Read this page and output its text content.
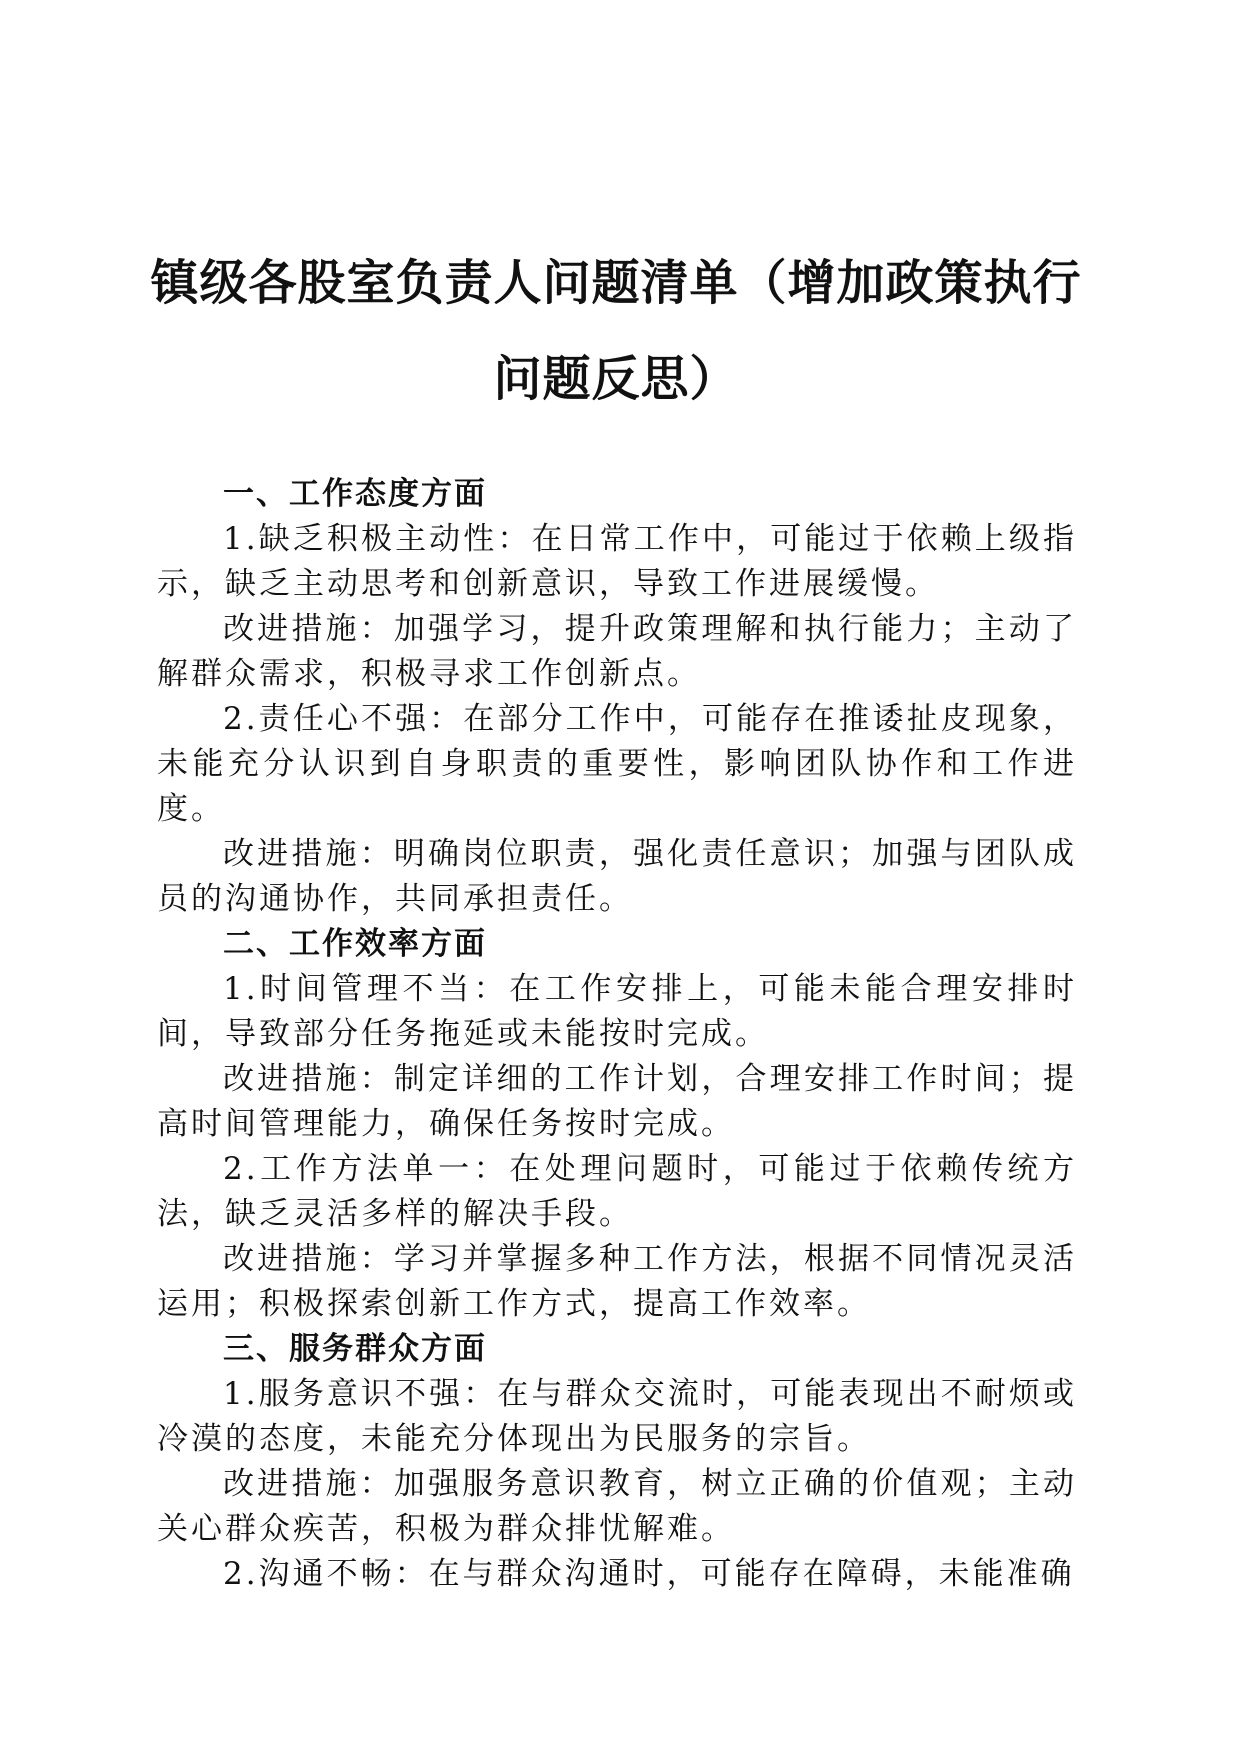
镇级各股室负责人问题清单（增加政策执行问题反思）
一、工作态度方面

1.缺乏积极主动性：在日常工作中，可能过于依赖上级指示，缺乏主动思考和创新意识，导致工作进展缓慢。

改进措施：加强学习，提升政策理解和执行能力；主动了解群众需求，积极寻求工作创新点。

2.责任心不强：在部分工作中，可能存在推诿扯皮现象，未能充分认识到自身职责的重要性，影响团队协作和工作进度。

改进措施：明确岗位职责，强化责任意识；加强与团队成员的沟通协作，共同承担责任。

二、工作效率方面

1.时间管理不当：在工作安排上，可能未能合理安排时间，导致部分任务拖延或未能按时完成。

改进措施：制定详细的工作计划，合理安排工作时间；提高时间管理能力，确保任务按时完成。

2.工作方法单一：在处理问题时，可能过于依赖传统方法，缺乏灵活多样的解决手段。

改进措施：学习并掌握多种工作方法，根据不同情况灵活运用；积极探索创新工作方式，提高工作效率。

三、服务群众方面

1.服务意识不强：在与群众交流时，可能表现出不耐烦或冷漠的态度，未能充分体现出为民服务的宗旨。

改进措施：加强服务意识教育，树立正确的价值观；主动关心群众疾苦，积极为群众排忧解难。

2.沟通不畅：在与群众沟通时，可能存在障碍，未能准确
